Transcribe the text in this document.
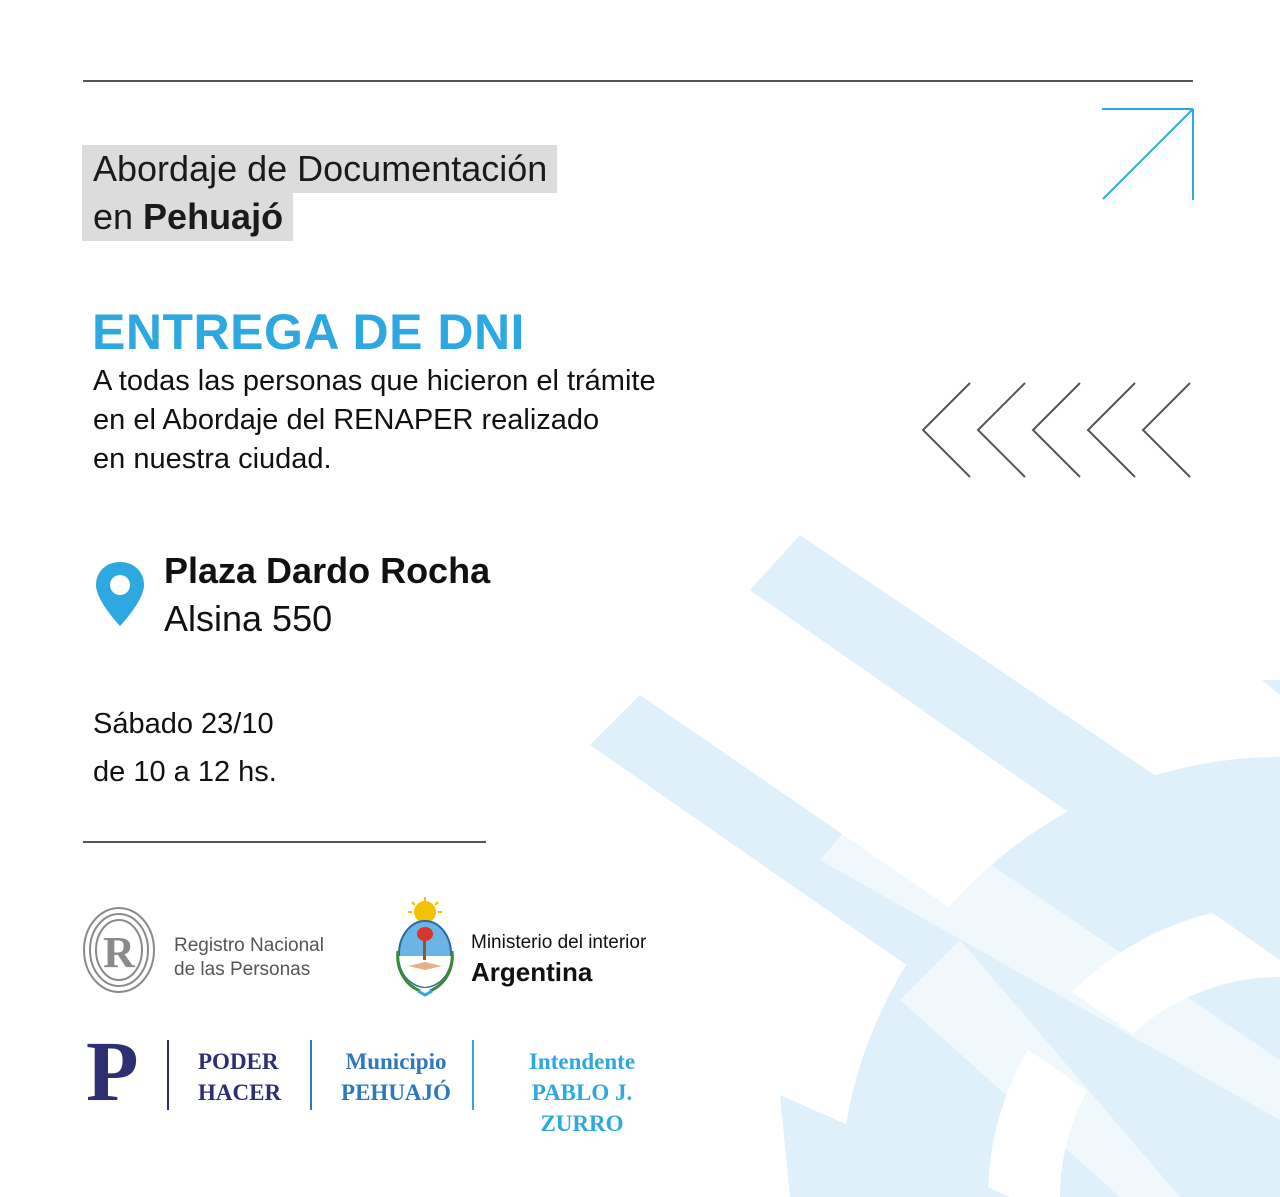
Abordaje de Documentación
en Pehuajó
ENTREGA DE DNI
A todas las personas que hicieron el trámite
en el Abordaje del RENAPER realizado
en nuestra ciudad.
Plaza Dardo Rocha
Alsina 550
Sábado 23/10
de 10 a 12 hs.
R Registro Nacional
de las Personas
Ministerio del interior
Argentina
P	PODER
HACER
Municipio
PEHUAJÓ
Intendente
PABLO J. ZURRO
